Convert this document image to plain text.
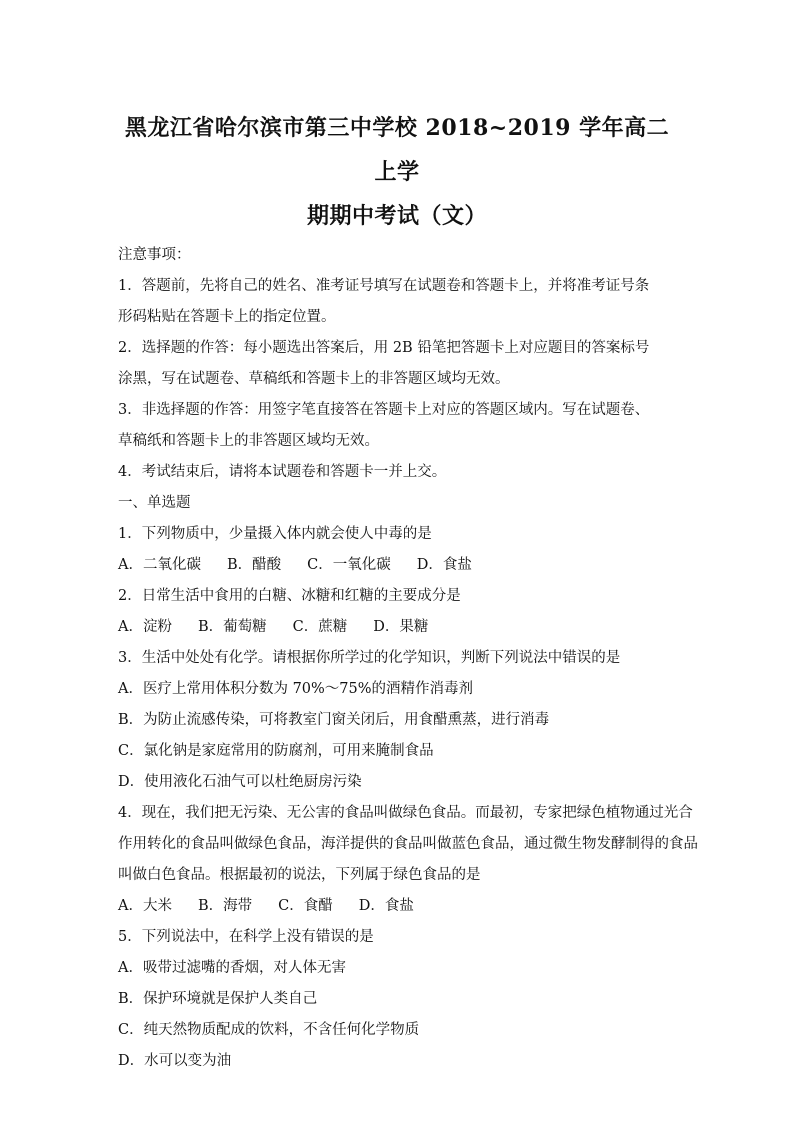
黑龙江省哈尔滨市第三中学校 2018~2019 学年高二上学
期期中考试（文）

注意事项：

1．答题前，先将自己的姓名、准考证号填写在试题卷和答题卡上，并将准考证号条

形码粘贴在答题卡上的指定位置。

2．选择题的作答：每小题选出答案后，用 2B 铅笔把答题卡上对应题目的答案标号

涂黑，写在试题卷、草稿纸和答题卡上的非答题区域均无效。

3．非选择题的作答：用签字笔直接答在答题卡上对应的答题区域内。写在试题卷、

草稿纸和答题卡上的非答题区域均无效。

4．考试结束后，请将本试题卷和答题卡一并上交。

一、单选题

1．下列物质中，少量摄入体内就会使人中毒的是

A．二氧化碳 B．醋酸 C．一氧化碳 D．食盐

2．日常生活中食用的白糖、冰糖和红糖的主要成分是

A．淀粉 B．葡萄糖 C．蔗糖 D．果糖

3．生活中处处有化学。请根据你所学过的化学知识，判断下列说法中错误的是

A．医疗上常用体积分数为 70%～75%的酒精作消毒剂

B．为防止流感传染，可将教室门窗关闭后，用食醋熏蒸，进行消毒

C．氯化钠是家庭常用的防腐剂，可用来腌制食品

D．使用液化石油气可以杜绝厨房污染

4．现在，我们把无污染、无公害的食品叫做绿色食品。而最初，专家把绿色植物通过光合

作用转化的食品叫做绿色食品，海洋提供的食品叫做蓝色食品，通过微生物发酵制得的食品

叫做白色食品。根据最初的说法，下列属于绿色食品的是

A．大米 B．海带 C．食醋 D．食盐

5．下列说法中，在科学上没有错误的是

A．吸带过滤嘴的香烟，对人体无害

B．保护环境就是保护人类自己

C．纯天然物质配成的饮料，不含任何化学物质

D．水可以变为油
